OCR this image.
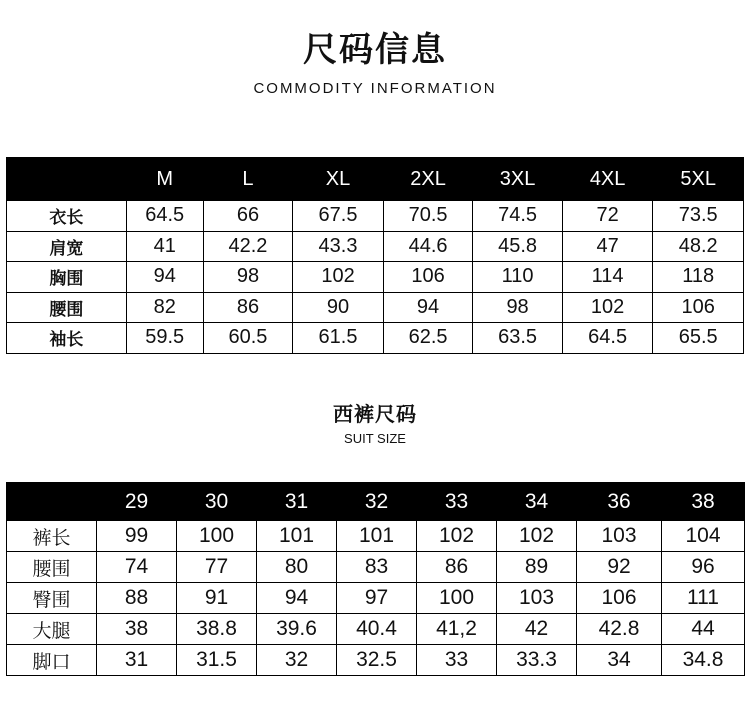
尺码信息
COMMODITY INFORMATION
	M	L	XL	2XL	3XL	4XL	5XL
衣长	64.5	66	67.5	70.5	74.5	72	73.5
肩宽	41	42.2	43.3	44.6	45.8	47	48.2
胸围	94	98	102	106	110	114	118
腰围	82	86	90	94	98	102	106
袖长	59.5	60.5	61.5	62.5	63.5	64.5	65.5
西裤尺码
SUIT SIZE
	29	30	31	32	33	34	36	38
裤长	99	100	101	101	102	102	103	104
腰围	74	77	80	83	86	89	92	96
臀围	88	91	94	97	100	103	106	111
大腿	38	38.8	39.6	40.4	41,2	42	42.8	44
脚口	31	31.5	32	32.5	33	33.3	34	34.8
